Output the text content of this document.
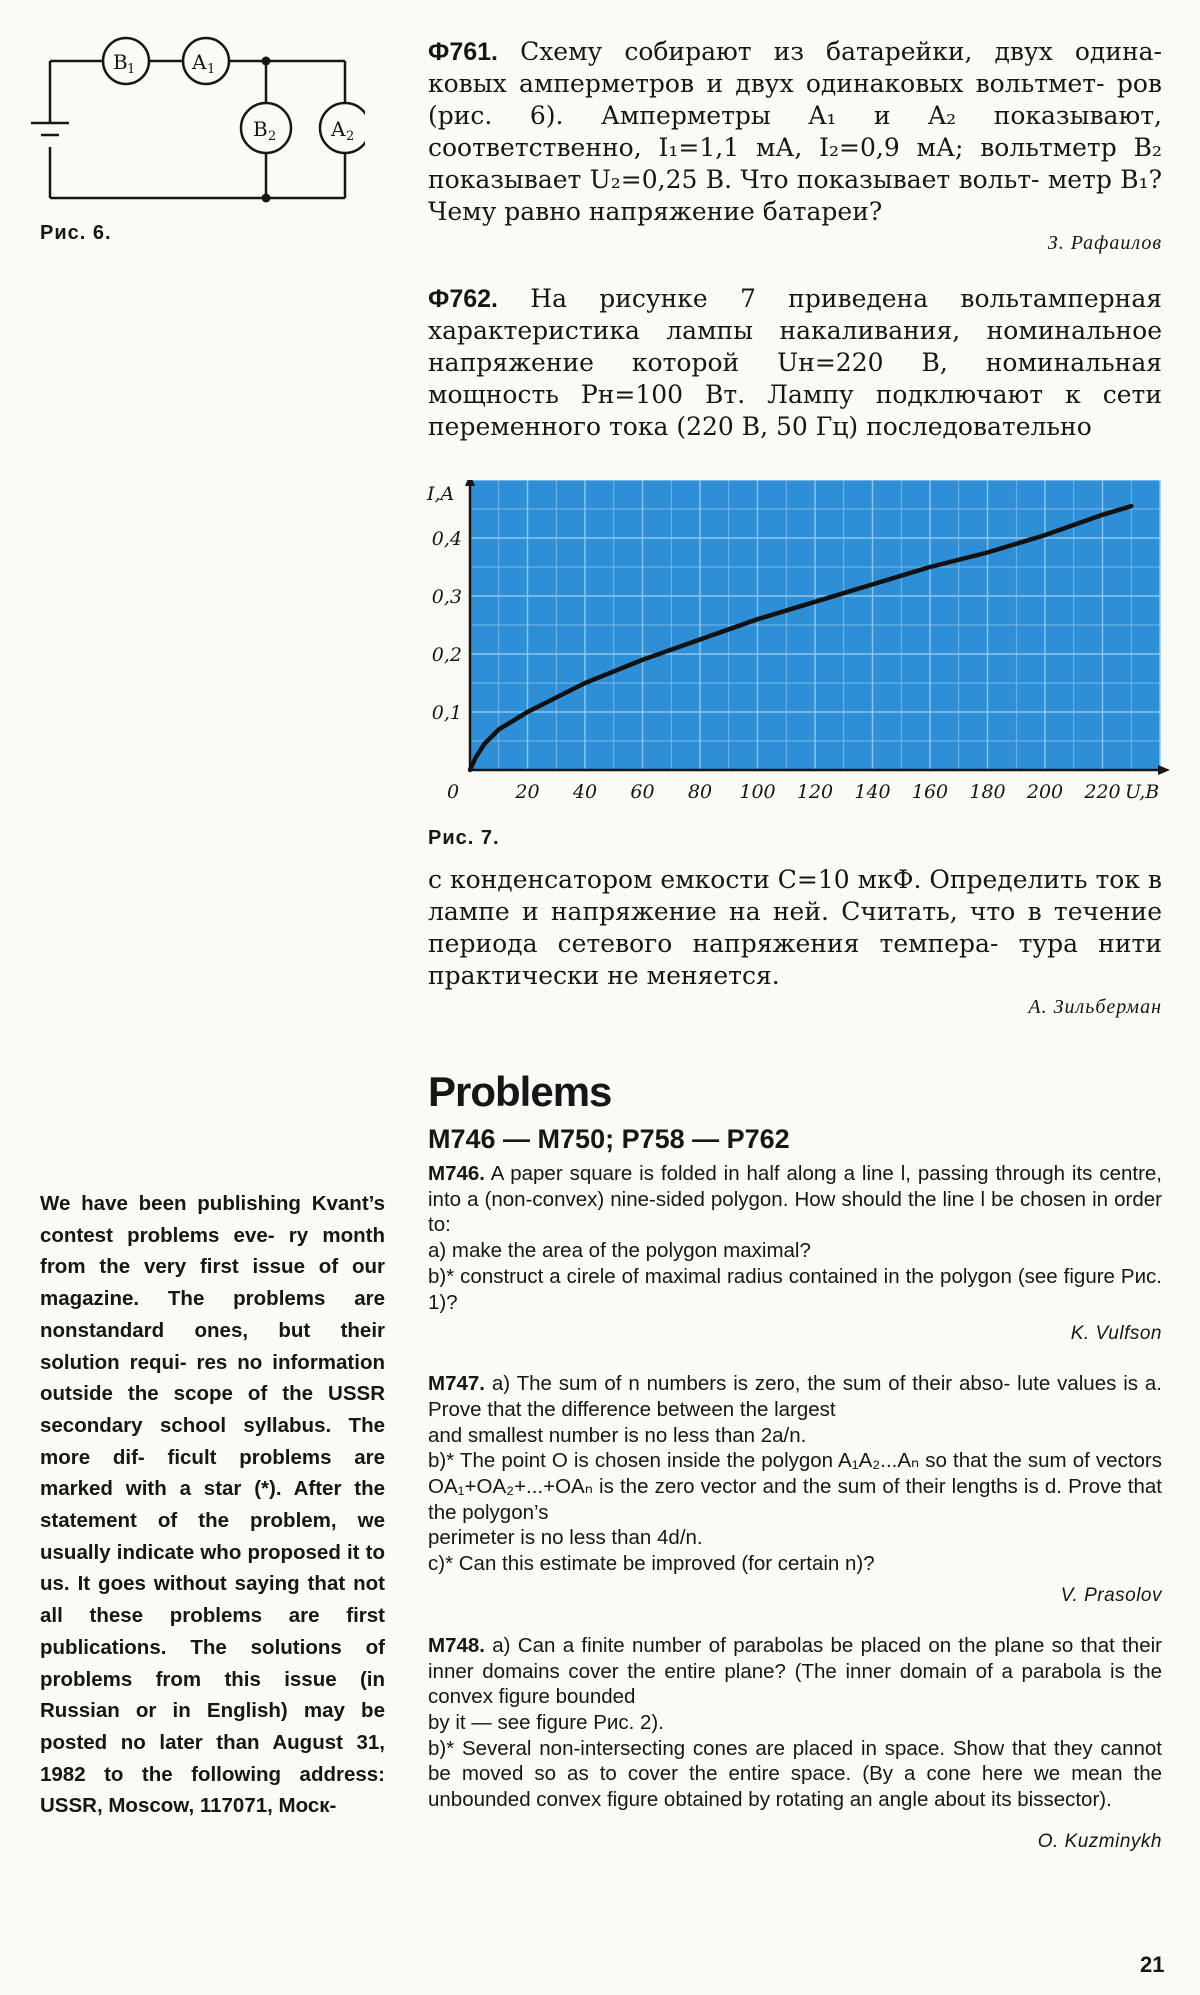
B 1	A 1
B 2	A 2
Рис. 6.

Ф761. Схему собирают из батарейки, двух одина- ковых амперметров и двух одинаковых вольтмет- ров (рис. 6). Амперметры A₁ и A₂ показывают, соответственно, I₁=1,1 мА, I₂=0,9 мА; вольтметр B₂ показывает U₂=0,25 В. Что показывает вольт- метр B₁? Чему равно напряжение батареи?

З. Рафаилов

Ф762. На рисунке 7 приведена вольтамперная характеристика лампы накаливания, номинальное напряжение которой Uн=220 В, номинальная мощность Pн=100 Вт. Лампу подключают к сети переменного тока (220 В, 50 Гц) последовательно

20 40 60 80 100 120 140 160 180 200 220
0,1
0,2
0,3
0,4
I,A
U,В
0
Рис. 7.

с конденсатором емкости C=10 мкФ. Определить ток в лампе и напряжение на ней. Считать, что в течение периода сетевого напряжения темпера- тура нити практически не меняется.

А. Зильберман

Problems
M746 — M750; P758 — P762

M746. A paper square is folded in half along a line l, passing through its centre, into a (non-convex) nine-sided polygon. How should the line l be chosen in order to:
a) make the area of the polygon maximal?
b)* construct a cirele of maximal radius contained in the polygon (see figure Рис. 1)?

K. Vulfson

M747. a) The sum of n numbers is zero, the sum of their abso- lute values is a. Prove that the difference between the largest
and smallest number is no less than 2a/n.
b)* The point O is chosen inside the polygon A₁A₂...Aₙ so that the sum of vectors OA₁+OA₂+...+OAₙ is the zero vector and the sum of their lengths is d. Prove that the polygon’s
perimeter is no less than 4d/n.
c)* Can this estimate be improved (for certain n)?

V. Prasolov

M748. a) Can a finite number of parabolas be placed on the plane so that their inner domains cover the entire plane? (The inner domain of a parabola is the convex figure bounded
by it — see figure Рис. 2).
b)* Several non-intersecting cones are placed in space. Show that they cannot be moved so as to cover the entire space. (By a cone here we mean the unbounded convex figure obtained by rotating an angle about its bissector).

O. Kuzminykh

We have been publishing Kvant’s contest problems eve- ry month from the very first issue of our magazine. The problems are nonstandard ones, but their solution requi- res no information outside the scope of the USSR secondary school syllabus. The more dif- ficult problems are marked with a star (*). After the statement of the problem, we usually indicate who proposed it to us. It goes without saying that not all these problems are first publications. The solutions of problems from this issue (in Russian or in English) may be posted no later than August 31, 1982 to the following address: USSR, Moscow, 117071, Моск-

21
